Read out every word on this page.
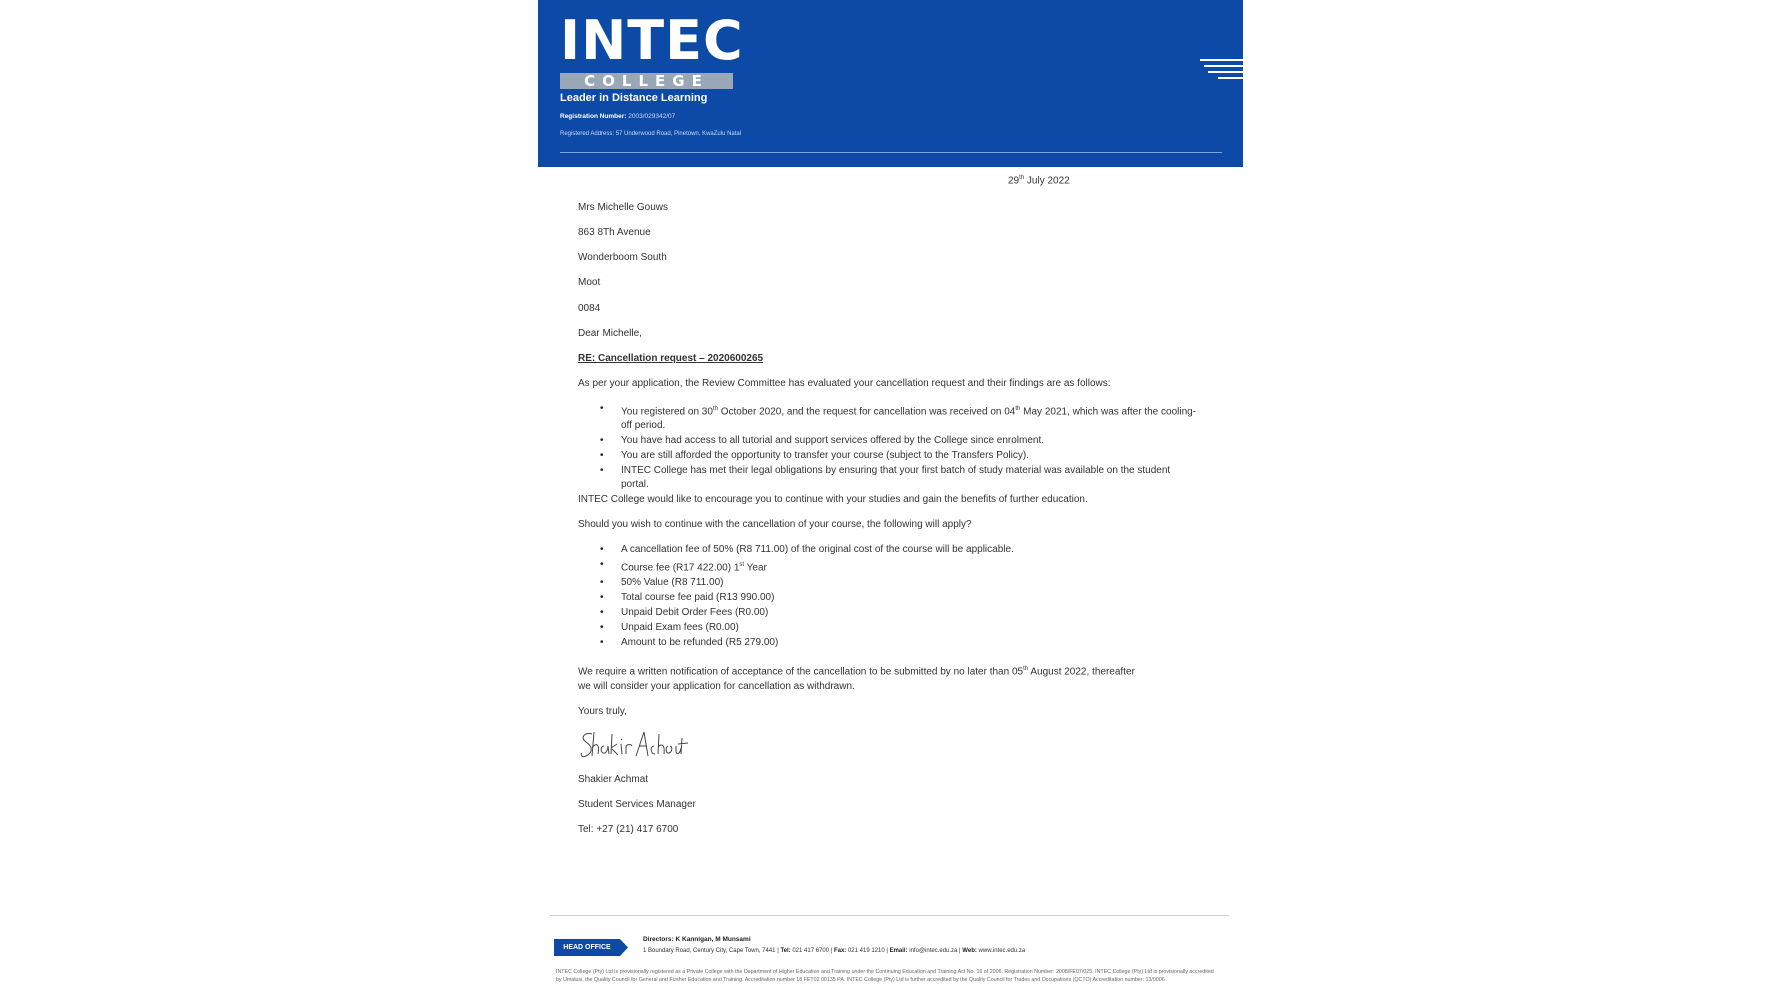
INTEC
COLLEGE
Leader in Distance Learning
Registration Number: 2003/029342/07
Registered Address: 57 Underwood Road, Pinetown, KwaZulu Natal
29th July 2022
Mrs Michelle Gouws
863 8Th Avenue
Wonderboom South
Moot
0084
Dear Michelle,
RE: Cancellation request – 2020600265
As per your application, the Review Committee has evaluated your cancellation request and their findings are as follows:
• You registered on 30th October 2020, and the request for cancellation was received on 04th May 2021, which was after the cooling-off period.
• You have had access to all tutorial and support services offered by the College since enrolment.
• You are still afforded the opportunity to transfer your course (subject to the Transfers Policy).
• INTEC College has met their legal obligations by ensuring that your first batch of study material was available on the student portal.
INTEC College would like to encourage you to continue with your studies and gain the benefits of further education.
Should you wish to continue with the cancellation of your course, the following will apply?
• A cancellation fee of 50% (R8 711.00) of the original cost of the course will be applicable.
• Course fee (R17 422.00) 1st Year
• 50% Value (R8 711.00)
• Total course fee paid (R13 990.00)
• Unpaid Debit Order Fees (R0.00)
• Unpaid Exam fees (R0.00)
• Amount to be refunded (R5 279.00)
We require a written notification of acceptance of the cancellation to be submitted by no later than 05th August 2022, thereafter
we will consider your application for cancellation as withdrawn.
Yours truly,
Shakier Achmat
Student Services Manager
Tel: +27 (21) 417 6700
HEAD OFFICE
Directors: K Kannigan, M Munsami
1 Boundary Road, Century City, Cape Town, 7441 | Tel: 021 417 6700 | Fax: 021 419 1210 | Email: info@intec.edu.za | Web: www.intec.edu.za
INTEC College (Pty) Ltd is provisionally registered as a Private College with the Department of Higher Education and Training under the Continuing Education and Training Act No. 16 of 2006. Registration Number: 2008/FE07/025. INTEC College (Pty) Ltd is provisionally accredited by Umalusi, the Quality Council for General and Further Education and Training. Accreditation number 18 FET02 00135 PA. INTEC College (Pty) Ltd is further accredited by the Quality Council for Trades and Occupations (QCTO) Accreditation number: 13/0006
